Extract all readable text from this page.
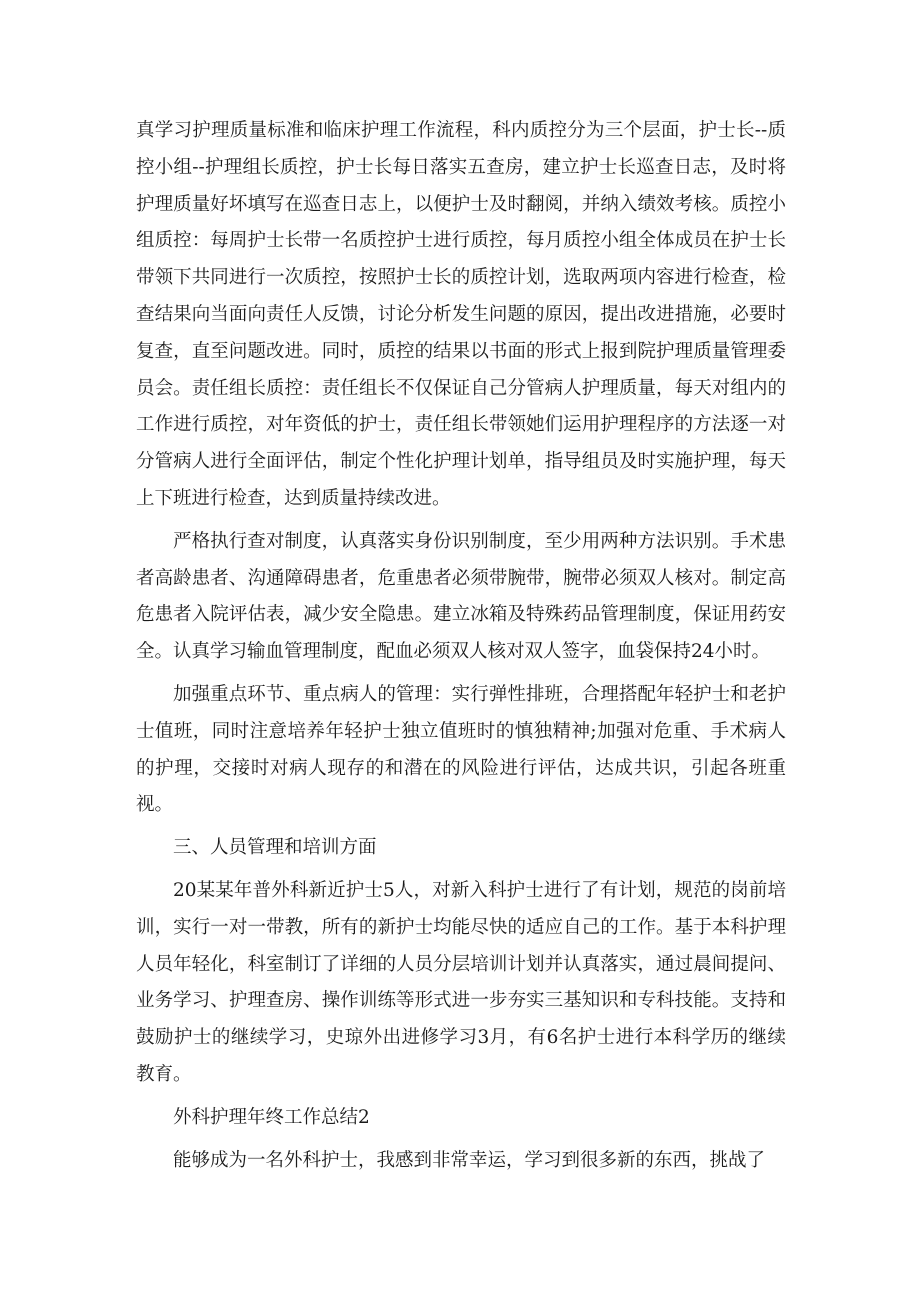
真学习护理质量标准和临床护理工作流程，科内质控分为三个层面，护士长--质控小组--护理组长质控，护士长每日落实五查房，建立护士长巡查日志，及时将护理质量好坏填写在巡查日志上，以便护士及时翻阅，并纳入绩效考核。质控小组质控：每周护士长带一名质控护士进行质控，每月质控小组全体成员在护士长带领下共同进行一次质控，按照护士长的质控计划，选取两项内容进行检查，检查结果向当面向责任人反馈，讨论分析发生问题的原因，提出改进措施，必要时复查，直至问题改进。同时，质控的结果以书面的形式上报到院护理质量管理委员会。责任组长质控：责任组长不仅保证自己分管病人护理质量，每天对组内的工作进行质控，对年资低的护士，责任组长带领她们运用护理程序的方法逐一对分管病人进行全面评估，制定个性化护理计划单，指导组员及时实施护理，每天上下班进行检查，达到质量持续改进。

严格执行查对制度，认真落实身份识别制度，至少用两种方法识别。手术患者高龄患者、沟通障碍患者，危重患者必须带腕带，腕带必须双人核对。制定高危患者入院评估表，减少安全隐患。建立冰箱及特殊药品管理制度，保证用药安全。认真学习输血管理制度，配血必须双人核对双人签字，血袋保持24小时。

加强重点环节、重点病人的管理：实行弹性排班，合理搭配年轻护士和老护士值班，同时注意培养年轻护士独立值班时的慎独精神;加强对危重、手术病人的护理，交接时对病人现存的和潜在的风险进行评估，达成共识，引起各班重视。

三、人员管理和培训方面

20某某年普外科新近护士5人，对新入科护士进行了有计划，规范的岗前培训，实行一对一带教，所有的新护士均能尽快的适应自己的工作。基于本科护理人员年轻化，科室制订了详细的人员分层培训计划并认真落实，通过晨间提问、业务学习、护理查房、操作训练等形式进一步夯实三基知识和专科技能。支持和鼓励护士的继续学习，史琼外出进修学习3月，有6名护士进行本科学历的继续教育。

外科护理年终工作总结2

能够成为一名外科护士，我感到非常幸运，学习到很多新的东西，挑战了
